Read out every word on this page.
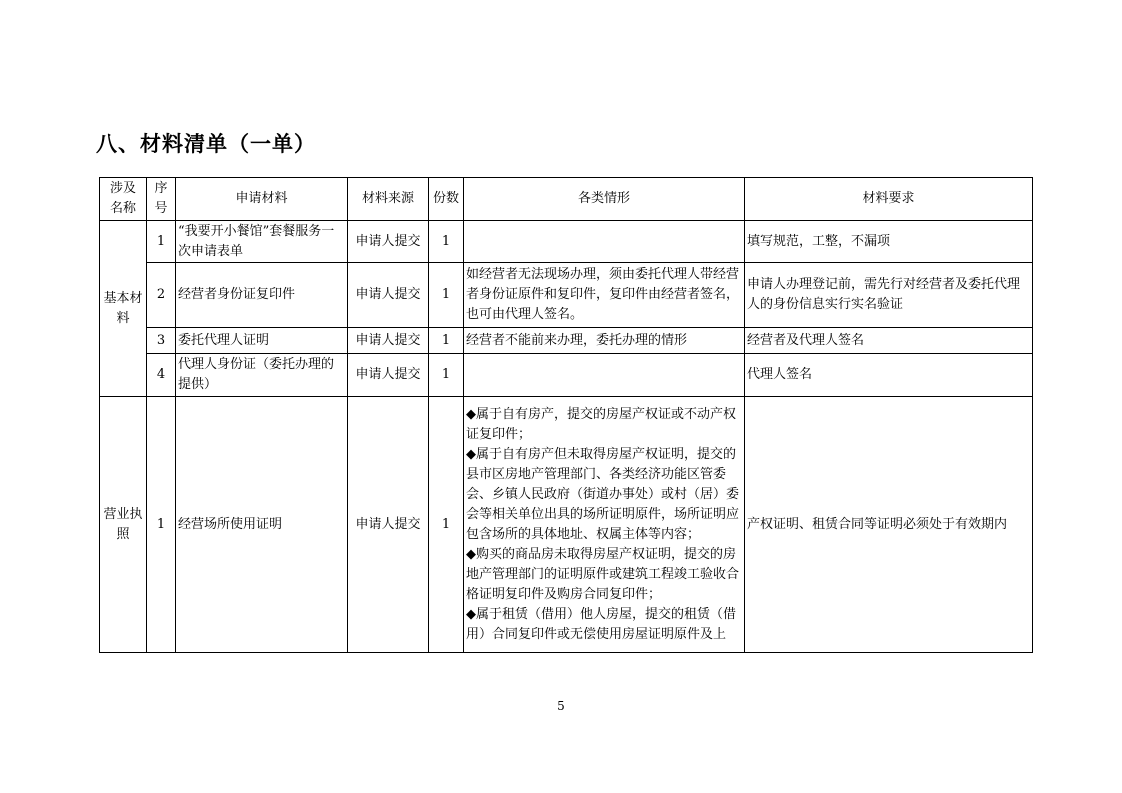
八、材料清单（一单）
涉及名称	序号	申请材料	材料来源	份数	各类情形	材料要求
基本材料	1	“我要开小餐馆”套餐服务一次申请表单	申请人提交	1		填写规范，工整，不漏项
	2	经营者身份证复印件	申请人提交	1	如经营者无法现场办理，须由委托代理人带经营者身份证原件和复印件，复印件由经营者签名，也可由代理人签名。	申请人办理登记前，需先行对经营者及委托代理人的身份信息实行实名验证
	3	委托代理人证明	申请人提交	1	经营者不能前来办理，委托办理的情形	经营者及代理人签名
	4	代理人身份证（委托办理的提供）	申请人提交	1		代理人签名
营业执照	1	经营场所使用证明	申请人提交	1	◆属于自有房产，提交的房屋产权证或不动产权证复印件；
◆属于自有房产但未取得房屋产权证明，提交的县市区房地产管理部门、各类经济功能区管委会、乡镇人民政府（街道办事处）或村（居）委会等相关单位出具的场所证明原件，场所证明应包含场所的具体地址、权属主体等内容；
◆购买的商品房未取得房屋产权证明，提交的房地产管理部门的证明原件或建筑工程竣工验收合格证明复印件及购房合同复印件；
◆属于租赁（借用）他人房屋，提交的租赁（借用）合同复印件或无偿使用房屋证明原件及上	产权证明、租赁合同等证明必须处于有效期内
5
